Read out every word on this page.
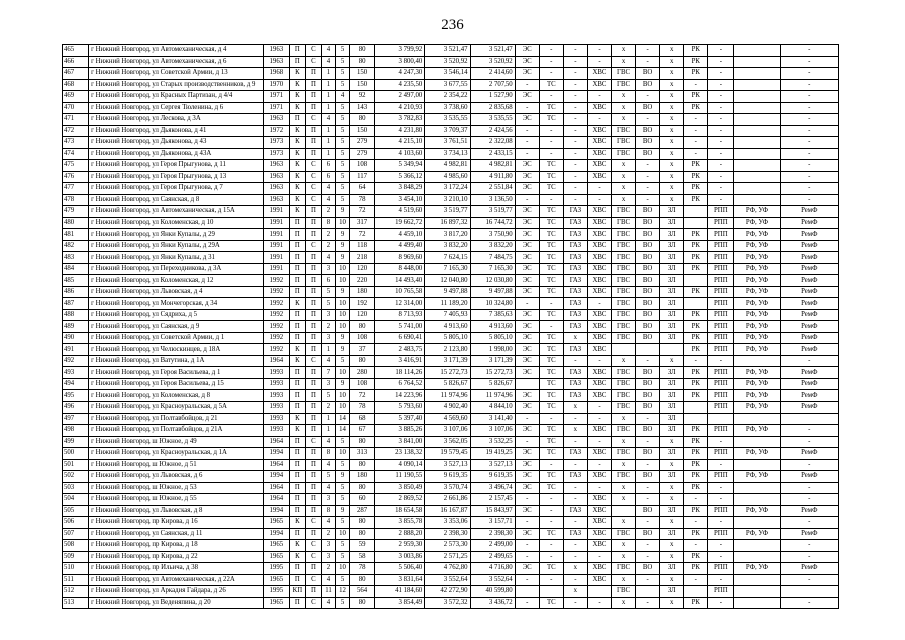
236
465	г Нижний Новгород, ул Автомеханическая, д 4	1963	П	С	4	5	80	3 799,92	3 521,47	3 521,47	ЭС	-	-	-	х	-	х	РК	-		-
466	г Нижний Новгород, ул Автомеханическая, д 6	1963	П	С	4	5	80	3 800,40	3 520,92	3 520,92	ЭС	-	-	-	х	-	х	РК	-		-
467	г Нижний Новгород, ул Советской Армии, д 13	1968	К	П	1	5	150	4 247,30	3 546,14	2 414,60	ЭС	-	-	ХВС	ГВС	ВО	х	РК	-		-
468	г Нижний Новгород, ул Старых производственников, д 9	1970	К	П	1	5	150	4 235,50	3 677,55	2 707,50	-	ТС	-	ХВС	ГВС	ВО	х	-	-		-
469	г Нижний Новгород, ул Красных Партизан, д 4/4	1971	К	П	1	4	92	2 497,00	2 354,22	1 527,90	ЭС	-	-	-	х	-	х	РК	-		-
470	г Нижний Новгород, ул Сергея Тюленина, д 6	1971	К	П	1	5	143	4 210,93	3 738,60	2 835,68	-	ТС	-	ХВС	х	ВО	х	РК	-		-
471	г Нижний Новгород, ул Лескова, д 3А	1963	П	С	4	5	80	3 782,83	3 535,55	3 535,55	ЭС	ТС	-	-	х	-	х	-	-		-
472	г Нижний Новгород, ул Дьяконова, д 41	1972	К	П	1	5	150	4 231,80	3 709,37	2 424,56	-	-	-	ХВС	ГВС	ВО	х	-	-		-
473	г Нижний Новгород, ул Дьяконова, д 43	1973	К	П	1	5	279	4 215,10	3 761,51	2 322,08	-	-	-	ХВС	ГВС	ВО	х	-	-		-
474	г Нижний Новгород, ул Дьяконова, д 43А	1973	К	П	1	5	279	4 103,60	3 734,13	2 433,15	-	-	-	ХВС	ГВС	ВО	х	-	-		-
475	г Нижний Новгород, ул Героя Прыгунова, д 11	1963	К	С	6	5	108	5 349,94	4 982,81	4 982,81	ЭС	ТС	-	ХВС	х	-	х	РК	-		-
476	г Нижний Новгород, ул Героя Прыгунова, д 13	1963	К	С	6	5	117	5 366,12	4 985,60	4 911,80	ЭС	ТС	-	ХВС	х	-	х	РК	-		-
477	г Нижний Новгород, ул Героя Прыгунова, д 7	1963	К	С	4	5	64	3 848,29	3 172,24	2 551,84	ЭС	ТС	-	-	х	-	х	РК	-		-
478	г Нижний Новгород, ул Саянская, д 8	1963	К	С	4	5	78	3 454,10	3 210,10	3 136,50	-	-	-	-	х	-	х	РК	-		-
479	г Нижний Новгород, ул Автомеханическая, д 15А	1991	К	П	2	9	72	4 519,60	3 519,77	3 519,77	ЭС	ТС	ГАЗ	ХВС	ГВС	ВО	ЗЛ		РПП	РФ, УФ	РемФ
480	г Нижний Новгород, ул Коломенская, д 10	1991	П	П	8	10	317	19 662,72	16 897,32	16 744,72	ЭС	ТС	ГАЗ	ХВС	ГВС	ВО	ЗЛ		РПП	РФ, УФ	РемФ
481	г Нижний Новгород, ул Янки Купалы, д 29	1991	П	П	2	9	72	4 459,10	3 817,20	3 750,90	ЭС	ТС	ГАЗ	ХВС	ГВС	ВО	ЗЛ	РК	РПП	РФ, УФ	РемФ
482	г Нижний Новгород, ул Янки Купалы, д 29А	1991	П	С	2	9	118	4 499,40	3 832,20	3 832,20	ЭС	ТС	ГАЗ	ХВС	ГВС	ВО	ЗЛ	РК	РПП	РФ, УФ	РемФ
483	г Нижний Новгород, ул Янки Купалы, д 31	1991	П	П	4	9	218	8 969,60	7 624,15	7 484,75	ЭС	ТС	ГАЗ	ХВС	ГВС	ВО	ЗЛ	РК	РПП	РФ, УФ	РемФ
484	г Нижний Новгород, ул Переходникова, д 3А	1991	П	П	3	10	120	8 448,00	7 165,30	7 165,30	ЭС	ТС	ГАЗ	ХВС	ГВС	ВО	ЗЛ	РК	РПП	РФ, УФ	РемФ
485	г Нижний Новгород, ул Коломенская, д 12	1992	П	П	6	10	220	14 493,40	12 040,80	12 030,80	ЭС	ТС	ГАЗ	ХВС	ГВС	ВО	ЗЛ		РПП	РФ, УФ	РемФ
486	г Нижний Новгород, ул Львовская, д 4	1992	П	П	5	9	180	10 765,58	9 497,88	9 497,88	ЭС	ТС	ГАЗ	ХВС	ГВС	ВО	ЗЛ	РК	РПП	РФ, УФ	РемФ
487	г Нижний Новгород, ул Мончегорская, д 34	1992	К	П	5	10	192	12 314,00	11 189,20	10 324,80	-	-	ГАЗ	-	ГВС	ВО	ЗЛ		РПП	РФ, УФ	РемФ
488	г Нижний Новгород, ул Сядриха, д 5	1992	П	П	3	10	120	8 713,93	7 405,93	7 385,63	ЭС	ТС	ГАЗ	ХВС	ГВС	ВО	ЗЛ	РК	РПП	РФ, УФ	РемФ
489	г Нижний Новгород, ул Саянская, д 9	1992	П	П	2	10	80	5 741,00	4 913,60	4 913,60	ЭС	-	ГАЗ	ХВС	ГВС	ВО	ЗЛ	РК	РПП	РФ, УФ	РемФ
490	г Нижний Новгород, ул Советской Армии, д 1	1992	П	П	3	9	108	6 690,41	5 805,10	5 805,10	ЭС	ТС	х	ХВС	ГВС	ВО	ЗЛ	РК	РПП	РФ, УФ	РемФ
491	г Нижний Новгород, ул Челюскинцев, д 18А	1992	К	П	1	9	37	2 483,75	2 123,80	1 998,00	ЭС	ТС	ГАЗ	ХВС				РК	РПП	РФ, УФ	РемФ
492	г Нижний Новгород, ул Ватутина, д 1А	1964	К	С	4	5	80	3 416,91	3 171,39	3 171,39	ЭС	ТС	-	-	х	-	х	-	-		-
493	г Нижний Новгород, ул Героя Васильева, д 1	1993	П	П	7	10	280	18 114,26	15 272,73	15 272,73	ЭС	ТС	ГАЗ	ХВС	ГВС	ВО	ЗЛ	РК	РПП	РФ, УФ	РемФ
494	г Нижний Новгород, ул Героя Васильева, д 15	1993	П	П	3	9	108	6 764,52	5 826,67	5 826,67		ТС	ГАЗ	ХВС	ГВС	ВО	ЗЛ	РК	РПП	РФ, УФ	РемФ
495	г Нижний Новгород, ул Коломенская, д 8	1993	П	П	5	10	72	14 223,96	11 974,96	11 974,96	ЭС	ТС	ГАЗ	ХВС	ГВС	ВО	ЗЛ	РК	РПП	РФ, УФ	РемФ
496	г Нижний Новгород, ул Красноуральская, д 5А	1993	П	П	2	10	78	5 793,60	4 902,40	4 844,10	ЭС	ТС	х	-	ГВС	ВО	ЗЛ		РПП	РФ, УФ	РемФ
497	г Нижний Новгород, ул Полтавбойцов, д 21	1993	К	П	1	14	68	5 397,40	4 569,60	3 141,40	-	-	-	-	х	-	ЗЛ				
498	г Нижний Новгород, ул Полтавбойцов, д 21А	1993	К	П	1	14	67	3 885,26	3 107,06	3 107,06	ЭС	ТС	х	ХВС	ГВС	ВО	ЗЛ	РК	РПП	РФ, УФ	-
499	г Нижний Новгород, ш Южное, д 49	1964	П	С	4	5	80	3 841,00	3 562,05	3 532,25	-	ТС	-	-	х	-	х	РК	-		-
500	г Нижний Новгород, ул Красноуральская, д 1А	1994	П	П	8	10	313	23 138,32	19 579,45	19 419,25	ЭС	ТС	ГАЗ	ХВС	ГВС	ВО	ЗЛ	РК	РПП	РФ, УФ	РемФ
501	г Нижний Новгород, ш Южное, д 51	1964	П	П	4	5	80	4 090,14	3 527,13	3 527,13	ЭС	-	-	-	х	-	х	РК	-		-
502	г Нижний Новгород, ул Львовская, д 6	1994	П	П	5	9	180	11 190,55	9 619,35	9 619,35	ЭС	ТС	ГАЗ	ХВС	ГВС	ВО	ЗЛ	РК	РПП	РФ, УФ	РемФ
503	г Нижний Новгород, ш Южное, д 53	1964	П	П	4	5	80	3 850,49	3 570,74	3 496,74	ЭС	ТС	-	-	х	-	х	РК	-		-
504	г Нижний Новгород, ш Южное, д 55	1964	П	П	3	5	60	2 869,52	2 661,86	2 157,45	-	-	-	ХВС	х	-	х	-	-		-
505	г Нижний Новгород, ул Львовская, д 8	1994	П	П	8	9	287	18 654,58	16 167,87	15 843,97	ЭС	-	ГАЗ	ХВС		ВО	ЗЛ	РК	РПП	РФ, УФ	РемФ
506	г Нижний Новгород, пр Кирова, д 16	1965	К	С	4	5	80	3 855,78	3 353,06	3 157,71	-	-	-	ХВС	х	-	х	-	-		-
507	г Нижний Новгород, ул Саянская, д 11	1994	П	П	2	10	80	2 888,20	2 398,30	2 398,30	ЭС	ТС	ГАЗ	ХВС	ГВС	ВО	ЗЛ	РК	РПП	РФ, УФ	РемФ
508	г Нижний Новгород, пр Кирова, д 18	1965	К	С	3	5	59	2 959,30	2 573,30	2 499,00	-	-	-	ХВС	х	-	х	-	-		-
509	г Нижний Новгород, пр Кирова, д 22	1965	К	С	3	5	58	3 003,86	2 571,25	2 499,65	-	-	-	-	х	-	х	РК	-		-
510	г Нижний Новгород, пр Ильича, д 38	1995	П	П	2	10	78	5 506,40	4 762,80	4 716,80	ЭС	ТС	х	ХВС	ГВС	ВО	ЗЛ	РК	РПП	РФ, УФ	РемФ
511	г Нижний Новгород, ул Автомеханическая, д 22А	1965	П	С	4	5	80	3 831,64	3 552,64	3 552,64	-	-	-	ХВС	х	-	х	-	-		-
512	г Нижний Новгород, ул Аркадия Гайдара, д 26	1995	КП	П	11	12	564	41 184,60	42 272,90	40 599,80			х		ГВС		ЗЛ		РПП		
513	г Нижний Новгород, ул Веденяпина, д 20	1965	П	С	4	5	80	3 854,49	3 572,32	3 436,72	-	ТС	-	-	х	-	х	РК	-		-
